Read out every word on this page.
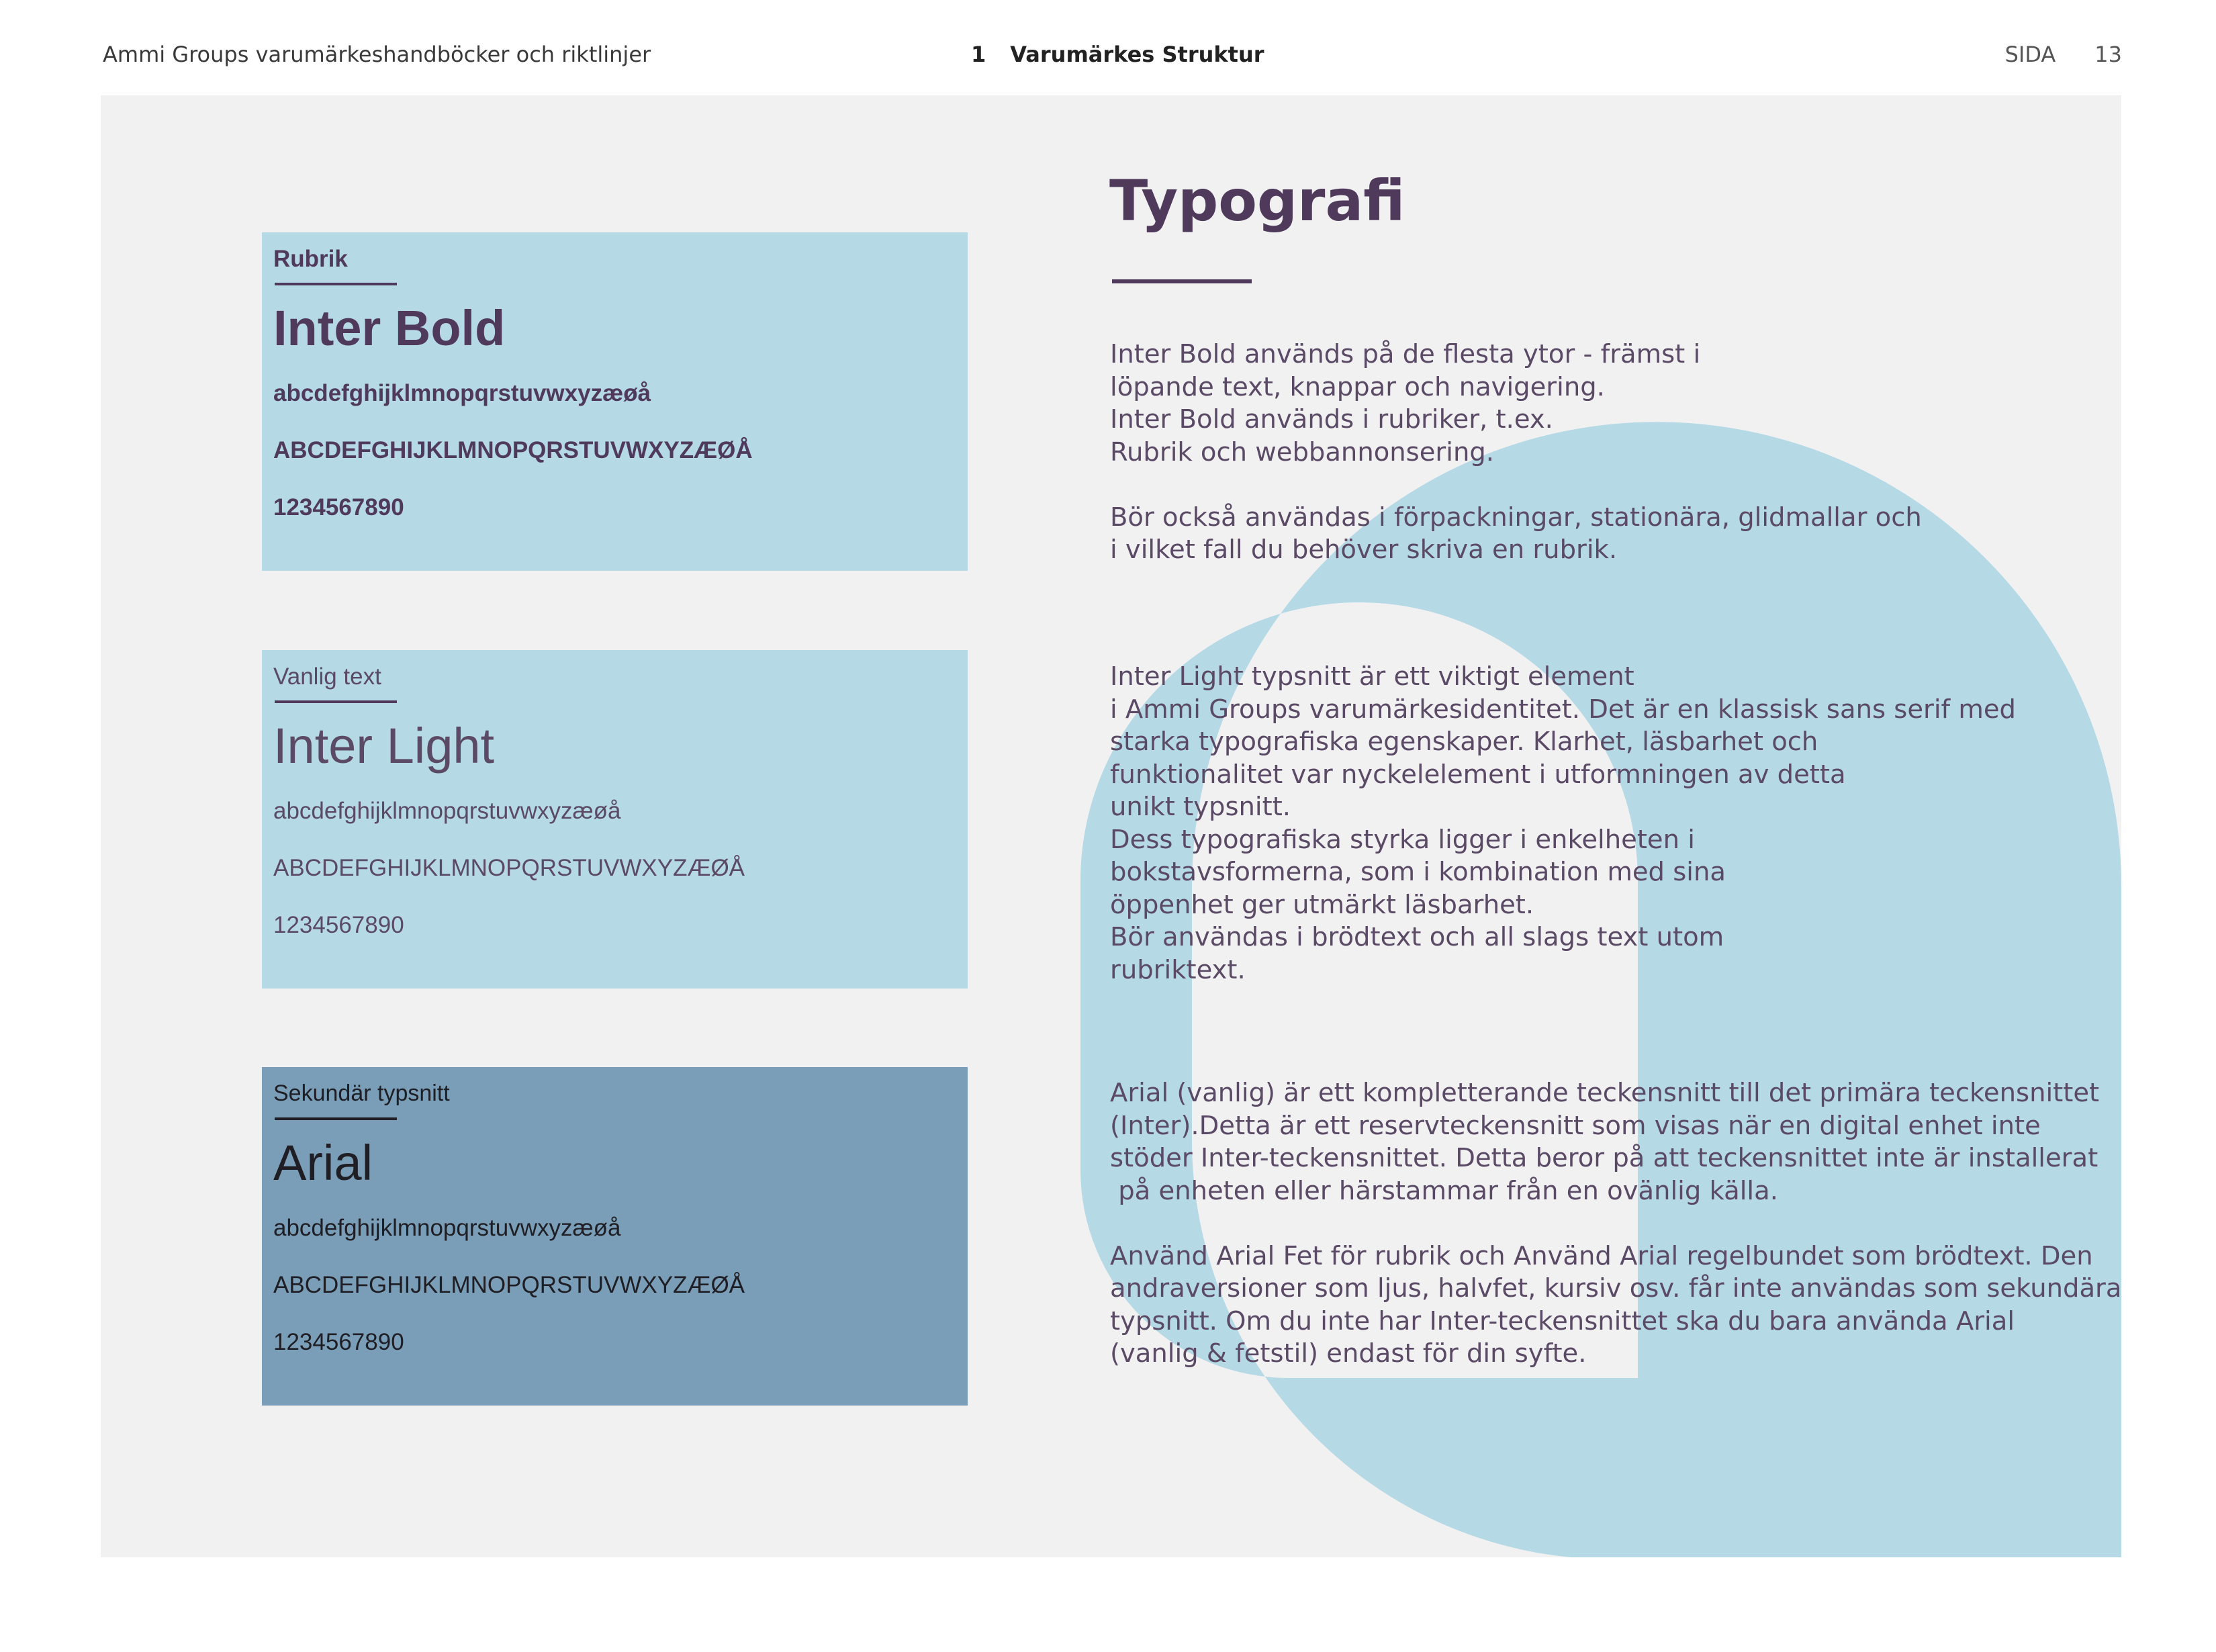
Ammi Groups varumärkeshandböcker och riktlinjer	1 Varumärkes Struktur	SIDA 13
Rubrik
Inter Bold
abcdefghijklmnopqrstuvwxyzæøå
ABCDEFGHIJKLMNOPQRSTUVWXYZÆØÅ
1234567890
Vanlig text
Inter Light
abcdefghijklmnopqrstuvwxyzæøå
ABCDEFGHIJKLMNOPQRSTUVWXYZÆØÅ
1234567890
Sekundär typsnitt
Arial
abcdefghijklmnopqrstuvwxyzæøå
ABCDEFGHIJKLMNOPQRSTUVWXYZÆØÅ
1234567890
Typografi

Inter Bold används på de flesta ytor - främst i
löpande text, knappar och navigering.
Inter Bold används i rubriker, t.ex.
Rubrik och webbannonsering.

Bör också användas i förpackningar, stationära, glidmallar och
i vilket fall du behöver skriva en rubrik.

Inter Light typsnitt är ett viktigt element
i Ammi Groups varumärkesidentitet. Det är en klassisk sans serif med
starka typografiska egenskaper. Klarhet, läsbarhet och
funktionalitet var nyckelelement i utformningen av detta
unikt typsnitt.
Dess typografiska styrka ligger i enkelheten i
bokstavsformerna, som i kombination med sina
öppenhet ger utmärkt läsbarhet.
Bör användas i brödtext och all slags text utom
rubriktext.

Arial (vanlig) är ett kompletterande teckensnitt till det primära teckensnittet
(Inter).Detta är ett reservteckensnitt som visas när en digital enhet inte
stöder Inter-teckensnittet. Detta beror på att teckensnittet inte är installerat
på enheten eller härstammar från en ovänlig källa.

Använd Arial Fet för rubrik och Använd Arial regelbundet som brödtext. Den
andraversioner som ljus, halvfet, kursiv osv. får inte användas som sekundära
typsnitt. Om du inte har Inter-teckensnittet ska du bara använda Arial
(vanlig & fetstil) endast för din syfte.
